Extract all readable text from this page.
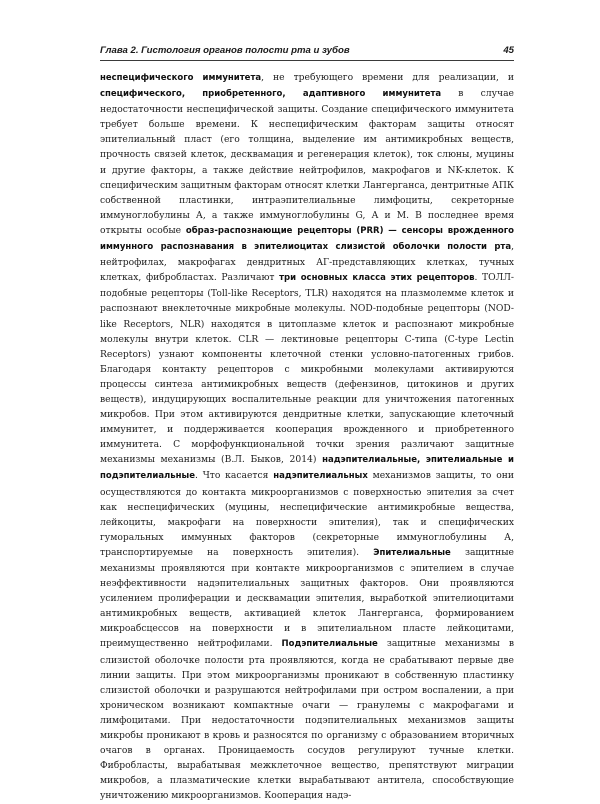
Глава 2. Гистология органов полости рта и зубов	45

неспецифического иммунитета, не требующего времени для реализации, и специфического, приобретенного, адаптивного иммунитета в случае недостаточности неспецифической защиты. Создание специфического иммунитета требует больше времени. К неспецифическим факторам защиты относят эпителиальный пласт (его толщина, выделение им антимикробных веществ, прочность связей клеток, десквамация и регенерация клеток), ток слюны, муцины и другие факторы, а также действие нейтрофилов, макрофагов и NK-клеток. К специфическим защитным факторам относят клетки Лангерганса, дентритные АПК собственной пластинки, интраэпителиальные лимфоциты, секреторные иммуноглобулины А, а также иммуноглобулины G, А и М. В последнее время открыты особые образ-распознающие рецепторы (PRR) — сенсоры врожденного иммунного распознавания в эпителиоцитах слизистой оболочки полости рта, нейтрофилах, макрофагах дендритных АГ-представляющих клетках, тучных клетках, фибробластах. Различают три основных класса этих рецепторов. ТОЛЛ-подобные рецепторы (Toll-like Receptors, TLR) находятся на плазмолемме клеток и распознают внеклеточные микробные молекулы. NOD-подобные рецепторы (NOD- like Receptors, NLR) находятся в цитоплазме клеток и распознают микробные молекулы внутри клеток. CLR — лектиновые рецепторы С-типа (C-type Lectin Receptors) узнают компоненты клеточной стенки условно-патогенных грибов. Благодаря контакту рецепторов с микробными молекулами активируются процессы синтеза антимикробных веществ (дефензинов, цитокинов и других веществ), индуцирующих воспалительные реакции для уничтожения патогенных микробов. При этом активируются дендритные клетки, запускающие клеточный иммунитет, и поддерживается кооперация врожденного и приобретенного иммунитета. С морфофункциональной точки зрения различают защитные механизмы механизмы (В.Л. Быков, 2014) надэпителиальные, эпителиальные и подэпителиальные. Что касается надэпителиальных механизмов защиты, то они осуществляются до контакта микроорганизмов с поверхностью эпителия за счет как неспецифических (муцины, неспецифические антимикробные вещества, лейкоциты, макрофаги на поверхности эпителия), так и специфических гуморальных иммунных факторов (секреторные иммуноглобулины А, транспортируемые на поверхность эпителия). Эпителиальные защитные механизмы проявляются при контакте микроорганизмов с эпителием в случае неэффективности надэпителиальных защитных факторов. Они проявляются усилением пролиферации и десквамации эпителия, выработкой эпителиоцитами антимикробных веществ, активацией клеток Лангерганса, формированием микроабсцессов на поверхности и в эпителиальном пласте лейкоцитами, преимущественно нейтрофилами. Подэпителиальные защитные механизмы в слизистой оболочке полости рта проявляются, когда не срабатывают первые две линии защиты. При этом микроорганизмы проникают в собственную пластинку слизистой оболочки и разрушаются нейтрофилами при остром воспалении, а при хроническом возникают компактные очаги — гранулемы с макрофагами и лимфоцитами. При недостаточности подэпителиальных механизмов защиты микробы проникают в кровь и разносятся по организму с образованием вторичных очагов в органах. Проницаемость сосудов регулируют тучные клетки. Фибробласты, вырабатывая межклеточное вещество, препятствуют миграции микробов, а плазматические клетки вырабатывают антитела, способствующие уничтожению микроорганизмов. Кооперация надэ-
